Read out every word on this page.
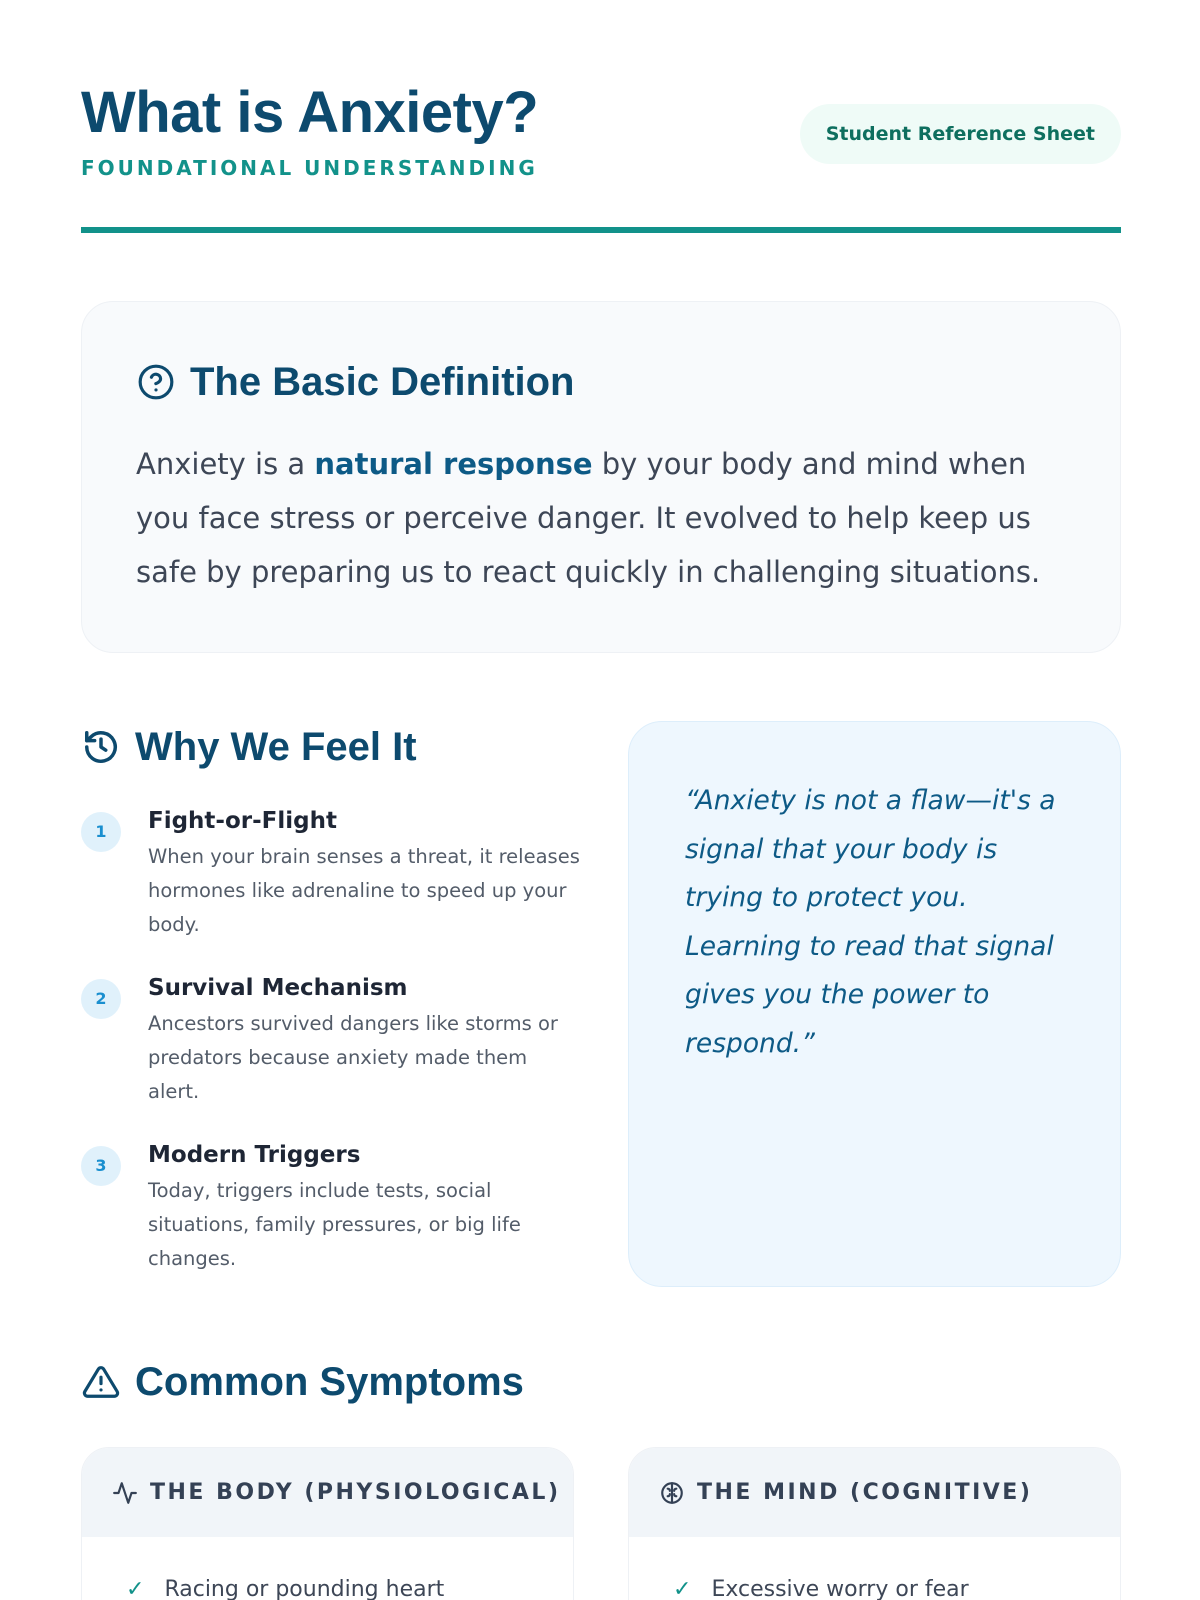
What is Anxiety?
FOUNDATIONAL UNDERSTANDING
Student Reference Sheet
The Basic Definition

Anxiety is a natural response by your body and mind when you face stress or perceive danger. It evolved to help keep us safe by preparing us to react quickly in challenging situations.

Why We Feel It
1	Fight-or-Flight
When your brain senses a threat, it releases hormones like adrenaline to speed up your body.
2	Survival Mechanism
Ancestors survived dangers like storms or predators because anxiety made them alert.
3	Modern Triggers
Today, triggers include tests, social situations, family pressures, or big life changes.

“Anxiety is not a flaw—it's a signal that your body is trying to protect you. Learning to read that signal gives you the power to respond.”

Common Symptoms
THE BODY (PHYSIOLOGICAL)
✓ Racing or pounding heart
THE MIND (COGNITIVE)
✓ Excessive worry or fear
